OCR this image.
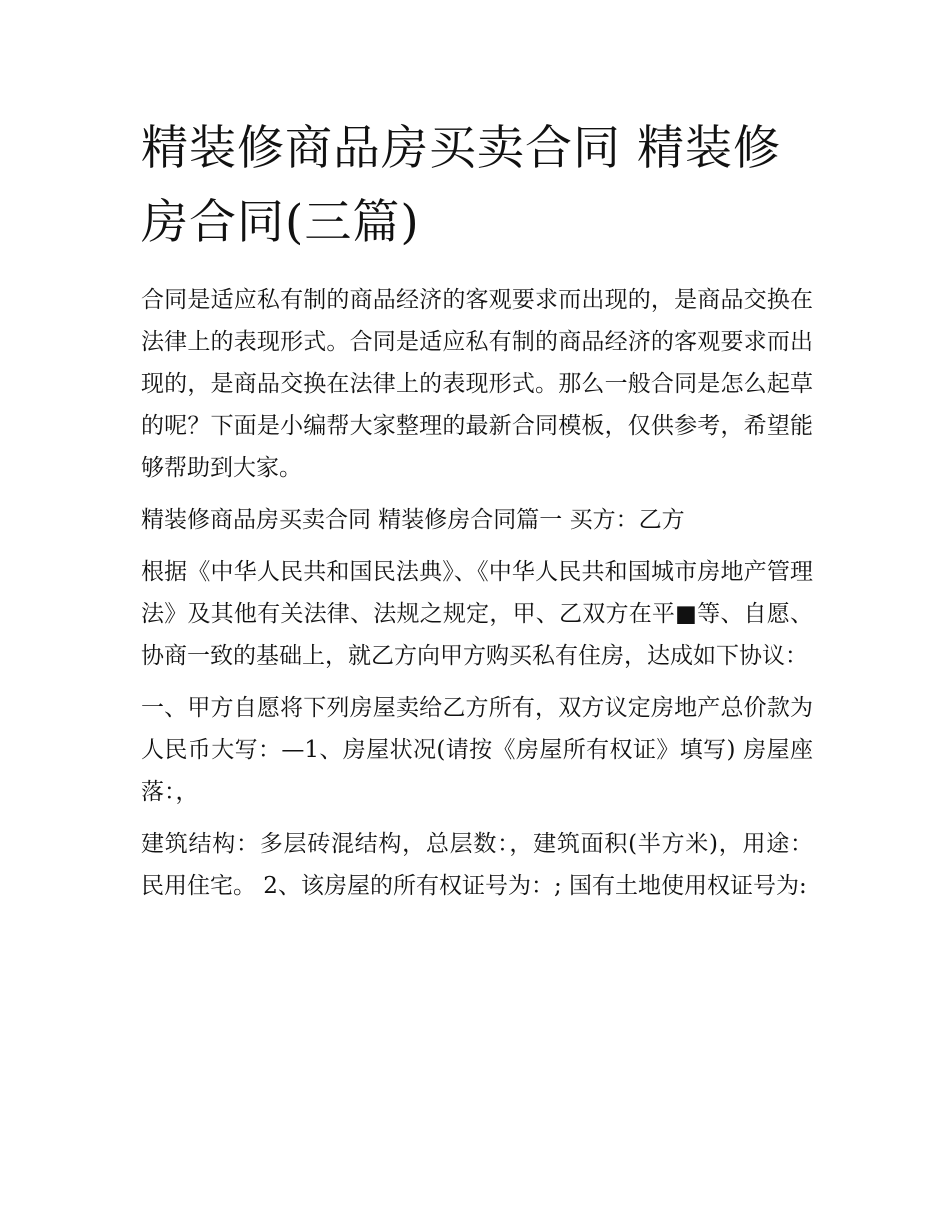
精装修商品房买卖合同 精装修房合同(三篇)

合同是适应私有制的商品经济的客观要求而出现的，是商品交换在法律上的表现形式。合同是适应私有制的商品经济的客观要求而出现的，是商品交换在法律上的表现形式。那么一般合同是怎么起草的呢？下面是小编帮大家整理的最新合同模板，仅供参考，希望能够帮助到大家。

精装修商品房买卖合同 精装修房合同篇一 买方：乙方

根据《中华人民共和国民法典》、《中华人民共和国城市房地产管理法》及其他有关法律、法规之规定，甲、乙双方在平■等、自愿、协商一致的基础上，就乙方向甲方购买私有住房，达成如下协议：

一、甲方自愿将下列房屋卖给乙方所有，双方议定房地产总价款为人民币大写：—1、房屋状况(请按《房屋所有权证》填写) 房屋座落：，

建筑结构：多层砖混结构，总层数：，建筑面积(半方米)，用途：民用住宅。 2、该房屋的所有权证号为：; 国有土地使用权证号为:
